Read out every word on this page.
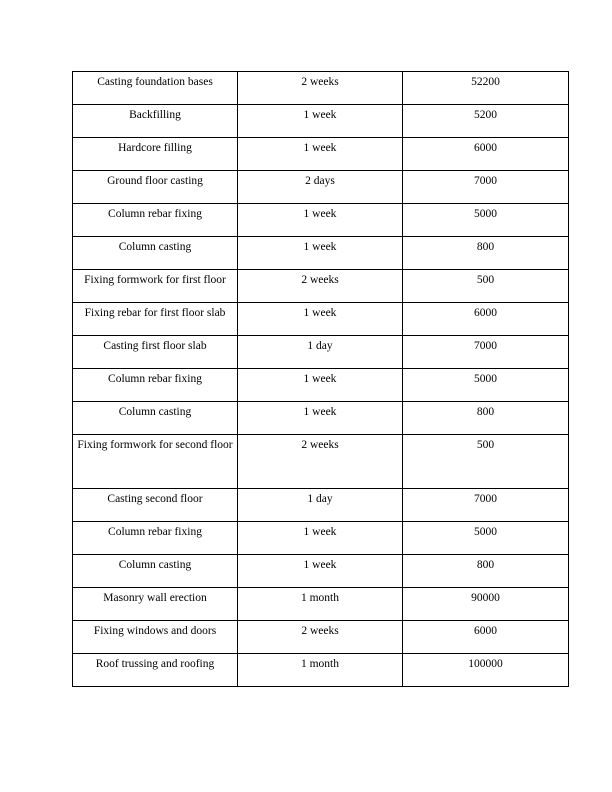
Casting foundation bases	2 weeks	52200

Backfilling	1 week	5200

Hardcore filling	1 week	6000

Ground floor casting	2 days	7000

Column rebar fixing	1 week	5000

Column casting	1 week	800

Fixing formwork for first floor	2 weeks	500

Fixing rebar for first floor slab	1 week	6000

Casting first floor slab	1 day	7000

Column rebar fixing	1 week	5000

Column casting	1 week	800

Fixing formwork for second floor	2 weeks	500

Casting second floor	1 day	7000

Column rebar fixing	1 week	5000

Column casting	1 week	800

Masonry wall erection	1 month	90000

Fixing windows and doors	2 weeks	6000

Roof trussing and roofing	1 month	100000
